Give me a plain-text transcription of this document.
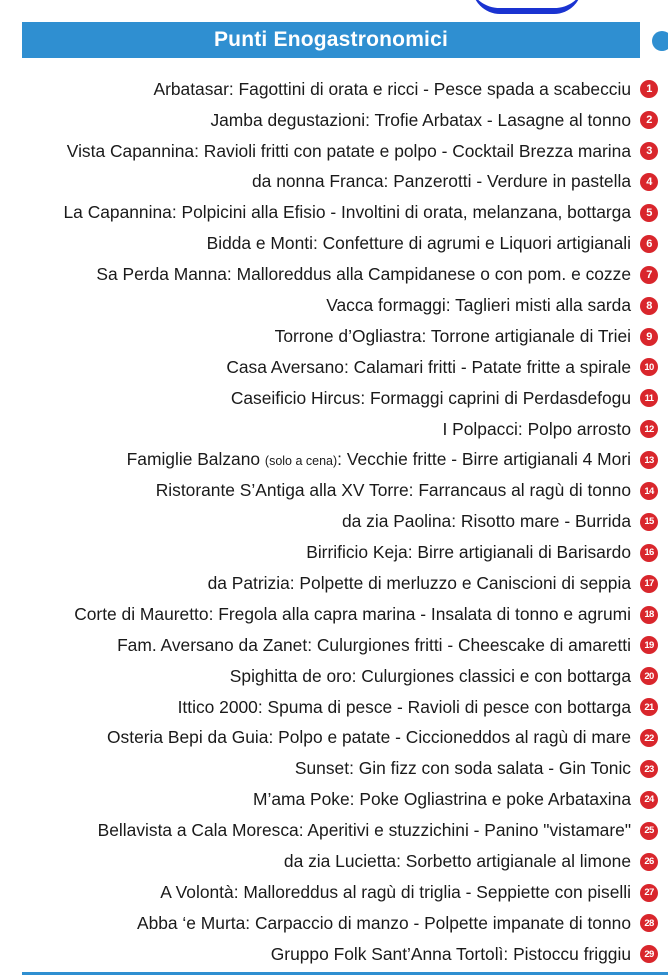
Punti Enogastronomici
Arbatasar: Fagottini di orata e ricci - Pesce spada a scabecciu	1
Jamba degustazioni: Trofie Arbatax - Lasagne al tonno	2
Vista Capannina: Ravioli fritti con patate e polpo - Cocktail Brezza marina	3
da nonna Franca: Panzerotti - Verdure in pastella	4
La Capannina: Polpicini alla Efisio - Involtini di orata, melanzana, bottarga	5
Bidda e Monti: Confetture di agrumi e Liquori artigianali	6
Sa Perda Manna: Malloreddus alla Campidanese o con pom. e cozze	7
Vacca formaggi: Taglieri misti alla sarda	8
Torrone d’Ogliastra: Torrone artigianale di Triei	9
Casa Aversano: Calamari fritti - Patate fritte a spirale	10
Caseificio Hircus: Formaggi caprini di Perdasdefogu	11
I Polpacci: Polpo arrosto	12
Famiglie Balzano (solo a cena): Vecchie fritte - Birre artigianali 4 Mori	13
Ristorante S’Antiga alla XV Torre: Farrancaus al ragù di tonno	14
da zia Paolina: Risotto mare - Burrida	15
Birrificio Keja: Birre artigianali di Barisardo	16
da Patrizia: Polpette di merluzzo e Caniscioni di seppia	17
Corte di Mauretto: Fregola alla capra marina - Insalata di tonno e agrumi	18
Fam. Aversano da Zanet: Culurgiones fritti - Cheescake di amaretti	19
Spighitta de oro: Culurgiones classici e con bottarga	20
Ittico 2000: Spuma di pesce - Ravioli di pesce con bottarga	21
Osteria Bepi da Guia: Polpo e patate - Ciccioneddos al ragù di mare	22
Sunset: Gin fizz con soda salata - Gin Tonic	23
M’ama Poke: Poke Ogliastrina e poke Arbataxina	24
Bellavista a Cala Moresca: Aperitivi e stuzzichini - Panino "vistamare"	25
da zia Lucietta: Sorbetto artigianale al limone	26
A Volontà: Malloreddus al ragù di triglia - Seppiette con piselli	27
Abba ‘e Murta: Carpaccio di manzo - Polpette impanate di tonno	28
Gruppo Folk Sant’Anna Tortolì: Pistoccu friggiu	29
